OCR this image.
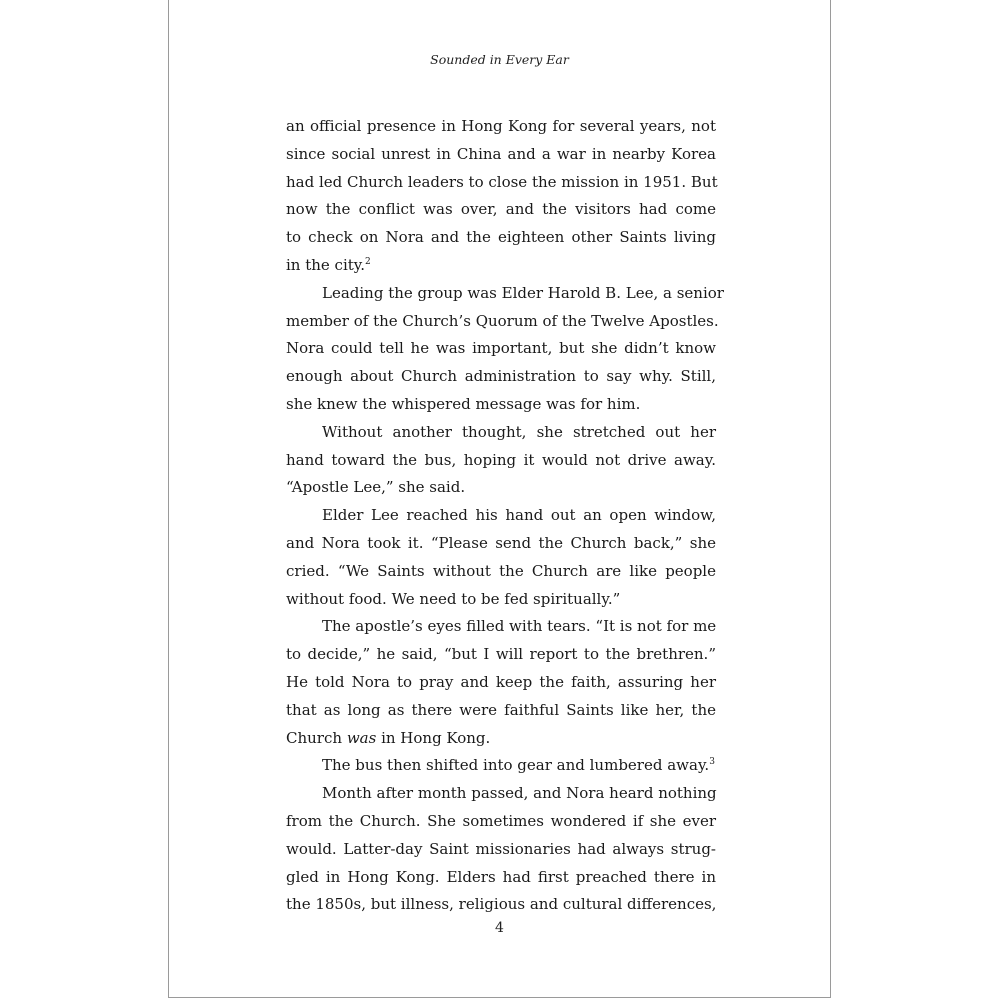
Sounded in Every Ear
an official presence in Hong Kong for several years, not
since social unrest in China and a war in nearby Korea
had led Church leaders to close the mission in 1951. But
now the conflict was over, and the visitors had come
to check on Nora and the eighteen other Saints living
in the city.$^2$
Leading the group was Elder Harold B. Lee, a senior
member of the Church’s Quorum of the Twelve Apostles.
Nora could tell he was important, but she didn’t know
enough about Church administration to say why. Still,
she knew the whispered message was for him.
Without another thought, she stretched out her
hand toward the bus, hoping it would not drive away.
“Apostle Lee,” she said.
Elder Lee reached his hand out an open window,
and Nora took it. “Please send the Church back,” she
cried. “We Saints without the Church are like people
without food. We need to be fed spiritually.”
The apostle’s eyes filled with tears. “It is not for me
to decide,” he said, “but I will report to the brethren.”
He told Nora to pray and keep the faith, assuring her
that as long as there were faithful Saints like her, the
Church was in Hong Kong.
The bus then shifted into gear and lumbered away.$^3$
Month after month passed, and Nora heard nothing
from the Church. She sometimes wondered if she ever
would. Latter-day Saint missionaries had always strug-
gled in Hong Kong. Elders had first preached there in
the 1850s, but illness, religious and cultural differences,
4
